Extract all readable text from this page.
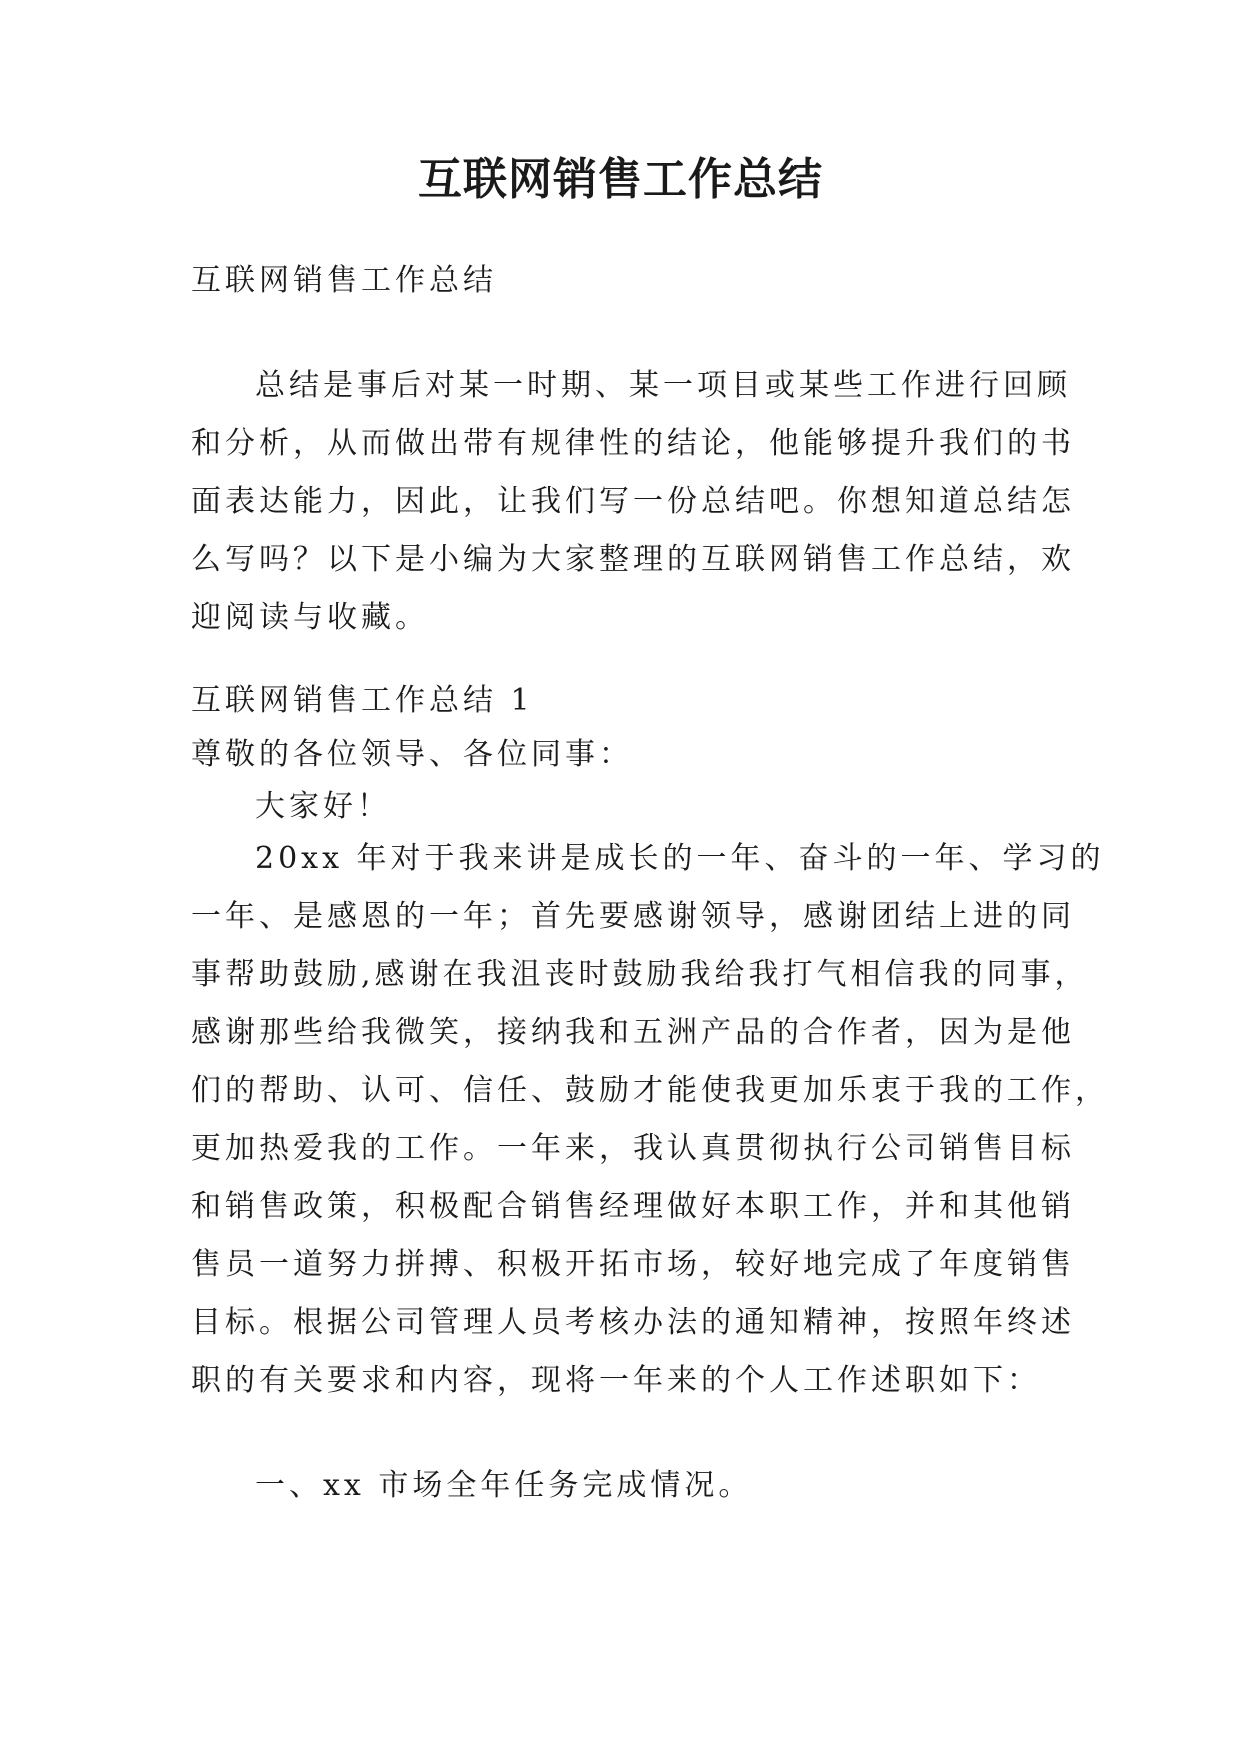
互联网销售工作总结

互联网销售工作总结

总结是事后对某一时期、某一项目或某些工作进行回顾
和分析，从而做出带有规律性的结论，他能够提升我们的书
面表达能力，因此，让我们写一份总结吧。你想知道总结怎
么写吗？以下是小编为大家整理的互联网销售工作总结，欢
迎阅读与收藏。

互联网销售工作总结 1

尊敬的各位领导、各位同事：

大家好！

20xx 年对于我来讲是成长的一年、奋斗的一年、学习的
一年、是感恩的一年；首先要感谢领导，感谢团结上进的同
事帮助鼓励,感谢在我沮丧时鼓励我给我打气相信我的同事，
感谢那些给我微笑，接纳我和五洲产品的合作者，因为是他
们的帮助、认可、信任、鼓励才能使我更加乐衷于我的工作，
更加热爱我的工作。一年来，我认真贯彻执行公司销售目标
和销售政策，积极配合销售经理做好本职工作，并和其他销
售员一道努力拼搏、积极开拓市场，较好地完成了年度销售
目标。根据公司管理人员考核办法的通知精神，按照年终述
职的有关要求和内容，现将一年来的个人工作述职如下：

一、xx 市场全年任务完成情况。
